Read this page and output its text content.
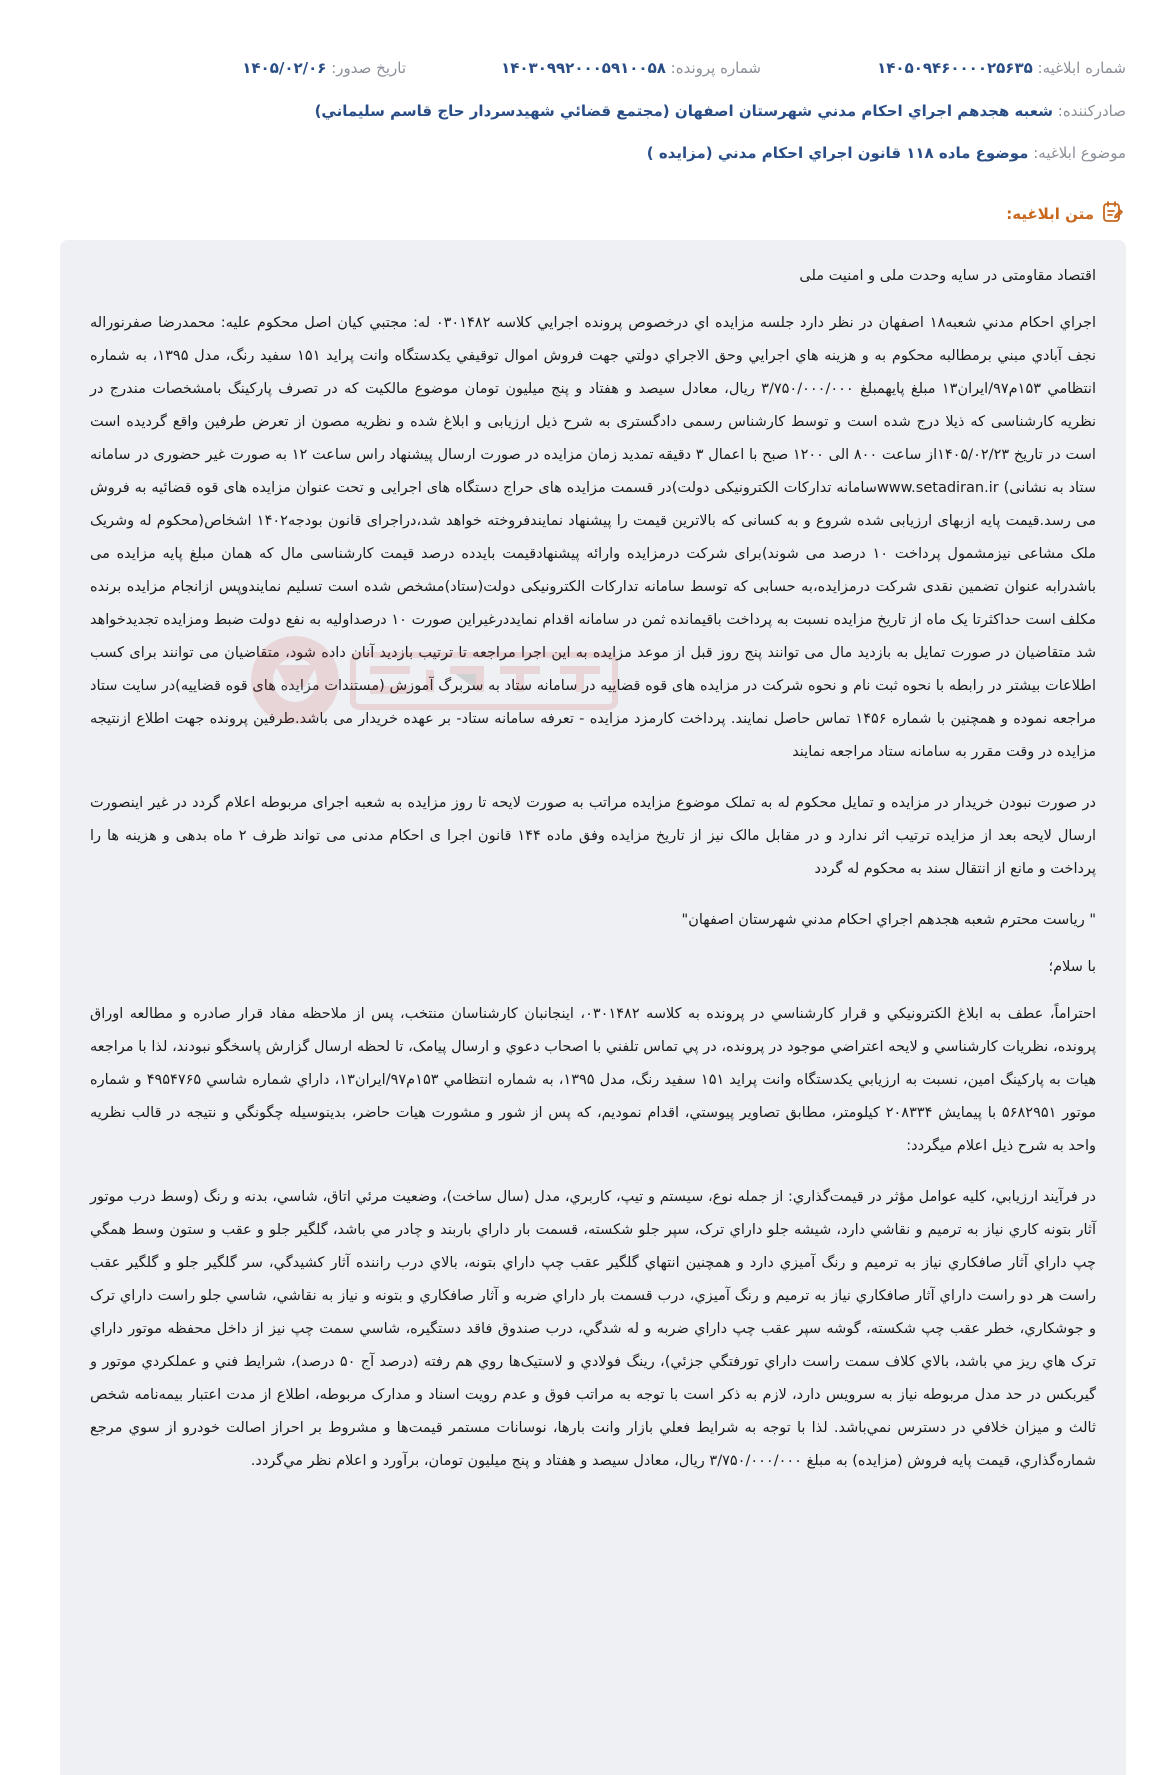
شماره ابلاغيه: ۱۴۰۵۰۹۴۶۰۰۰۰۲۵۶۳۵
شماره پرونده: ۱۴۰۳۰۹۹۲۰۰۰۵۹۱۰۰۵۸
تاريخ صدور: ۱۴۰۵/۰۲/۰۶
صادرکننده: شعبه هجدهم اجراي احکام مدني شهرستان اصفهان (مجتمع قضائي شهيدسردار حاج قاسم سليماني)
موضوع ابلاغيه: موضوع ماده ۱۱۸ قانون اجراي احکام مدني (مزايده )
متن ابلاغيه:

اقتصاد مقاومتی در سایه وحدت ملی و امنیت ملی

اجراي احكام مدني شعبه۱۸ اصفهان در نظر دارد جلسه مزايده اي درخصوص پرونده اجرايي كلاسه ۰۳۰۱۴۸۲ له: مجتبي كيان اصل محكوم عليه: محمدرضا صفرنوراله نجف آبادي مبني برمطالبه محكوم به و هزينه هاي اجرايي وحق الاجراي دولتي جهت فروش اموال توقيفي يكدستگاه وانت پرايد ۱۵۱ سفيد رنگ، مدل ۱۳۹۵، به شماره انتظامي ۱۵۳م۹۷/ايران۱۳ مبلغ پايهمبلغ ۳/۷۵۰/۰۰۰/۰۰۰ ريال، معادل سيصد و هفتاد و پنج ميليون تومان موضوع مالكيت كه در تصرف پاركينگ بامشخصات مندرج در نظريه كارشناسی كه ذيلا درج شده است و توسط كارشناس رسمی دادگستری به شرح ذيل ارزيابی و ابلاغ شده و نظريه مصون از تعرض طرفين واقع گرديده است است در تاريخ ۱۴۰۵/۰۲/۲۳از ساعت ۸۰۰ الی ۱۲۰۰ صبح با اعمال ۳ دقيقه تمديد زمان مزايده در صورت ارسال پيشنهاد راس ساعت ۱۲ به صورت غير حضوری در سامانه ستاد به نشانی) www.setadiran.irسامانه تداركات الكترونيكی دولت)در قسمت مزايده های حراج دستگاه های اجرايی و تحت عنوان مزايده های قوه قضائيه به فروش می رسد.قيمت پايه ازبهای ارزيابی شده شروع و به كسانی كه بالاترين قيمت را پيشنهاد نمايندفروخته خواهد شد،دراجرای قانون بودجه۱۴۰۲ اشخاص(محكوم له وشريک ملک مشاعی نيزمشمول پرداخت ۱۰ درصد می شوند)برای شركت درمزايده وارائه پيشنهادقيمت بايدده درصد قيمت كارشناسی مال كه همان مبلغ پايه مزايده می باشدرابه عنوان تضمين نقدی شركت درمزايده،به حسابی كه توسط سامانه تداركات الكترونيكی دولت(ستاد)مشخص شده است تسليم نمايندوپس ازانجام مزايده برنده مكلف است حداكثرتا يک ماه از تاريخ مزايده نسبت به پرداخت باقيمانده ثمن در سامانه اقدام نمايددرغيراين صورت ۱۰ درصداوليه به نفع دولت ضبط ومزايده تجديدخواهد شد متقاضيان در صورت تمايل به بازديد مال می توانند پنج روز قبل از موعد مزايده به اين اجرا مراجعه تا ترتيب بازديد آنان داده شود، متقاضيان می توانند برای كسب اطلاعات بيشتر در رابطه با نحوه ثبت نام و نحوه شركت در مزايده های قوه قضاييه در سامانه ستاد به سربرگ آموزش (مستندات مزايده های قوه قضاييه)در سايت ستاد مراجعه نموده و همچنين با شماره ۱۴۵۶ تماس حاصل نمايند. پرداخت كارمزد مزايده - تعرفه سامانه ستاد- بر عهده خريدار می باشد.طرفين پرونده جهت اطلاع ازنتيجه مزايده در وقت مقرر به سامانه ستاد مراجعه نمايند

در صورت نبودن خريدار در مزايده و تمايل محكوم له به تملک موضوع مزايده مراتب به صورت لايحه تا روز مزايده به شعبه اجرای مربوطه اعلام گردد در غير اينصورت ارسال لايحه بعد از مزايده ترتيب اثر ندارد و در مقابل مالک نيز از تاريخ مزايده وفق ماده ۱۴۴ قانون اجرا ی احكام مدنی می تواند ظرف ۲ ماه بدهی و هزينه ها را پرداخت و مانع از انتقال سند به محكوم له گردد

" رياست محترم شعبه هجدهم اجراي احكام مدني شهرستان اصفهان"

با سلام؛

احتراماً، عطف به ابلاغ الكترونيكي و قرار كارشناسي در پرونده به كلاسه ۰۳۰۱۴۸۲، اينجانبان كارشناسان منتخب، پس از ملاحظه مفاد قرار صادره و مطالعه اوراق پرونده، نظريات كارشناسي و لايحه اعتراضي موجود در پرونده، در پي تماس تلفني با اصحاب دعوي و ارسال پيامک، تا لحظه ارسال گزارش پاسخگو نبودند، لذا با مراجعه هيات به پاركينگ امين، نسبت به ارزيابي يكدستگاه وانت پرايد ۱۵۱ سفيد رنگ، مدل ۱۳۹۵، به شماره انتظامي ۱۵۳م۹۷/ايران۱۳، داراي شماره شاسي ۴۹۵۴۷۶۵ و شماره موتور ۵۶۸۲۹۵۱ با پيمايش ۲۰۸۳۳۴ كيلومتر، مطابق تصاوير پيوستي، اقدام نموديم، كه پس از شور و مشورت هيات حاضر، بدينوسيله چگونگي و نتيجه در قالب نظريه واحد به شرح ذيل اعلام ميگردد:

در فرآيند ارزيابي، كليه عوامل مؤثر در قيمت‌گذاري: از جمله نوع، سيستم و تيپ، كاربري، مدل (سال ساخت)، وضعيت مرئي اتاق، شاسي، بدنه و رنگ (وسط درب موتور آثار بتونه كاري نياز به ترميم و نقاشي دارد، شيشه جلو داراي ترک، سپر جلو شكسته، قسمت بار داراي باربند و چادر مي باشد، گلگير جلو و عقب و ستون وسط همگي چپ داراي آثار صافكاري نياز به ترميم و رنگ آميزي دارد و همچنين انتهاي گلگير عقب چپ داراي بتونه، بالاي درب راننده آثار كشيدگي، سر گلگير جلو و گلگير عقب راست هر دو راست داراي آثار صافكاري نياز به ترميم و رنگ آميزي، درب قسمت بار داراي ضربه و آثار صافكاري و بتونه و نياز به نقاشي، شاسي جلو راست داراي ترک و جوشكاري، خطر عقب چپ شكسته، گوشه سپر عقب چپ داراي ضربه و له شدگي، درب صندوق فاقد دستگيره، شاسي سمت چپ نيز از داخل محفظه موتور داراي ترک هاي ريز مي باشد، بالاي كلاف سمت راست داراي تورفتگي جزئي)، رينگ فولادي و لاستيک‌ها روي هم رفته (درصد آج ۵۰ درصد)، شرايط فني و عملكردي موتور و گيربكس در حد مدل مربوطه نياز به سرويس دارد، لازم به ذكر است با توجه به مراتب فوق و عدم رويت اسناد و مدارک مربوطه، اطلاع از مدت اعتبار بيمه‌نامه شخص ثالث و ميزان خلافي در دسترس نمي‌باشد. لذا با توجه به شرايط فعلي بازار وانت بارها، نوسانات مستمر قيمت‌ها و مشروط بر احراز اصالت خودرو از سوي مرجع شماره‌گذاري، قيمت پايه فروش (مزايده) به مبلغ ۳/۷۵۰/۰۰۰/۰۰۰ ريال، معادل سيصد و هفتاد و پنج ميليون تومان، برآورد و اعلام نظر مي‌گردد.
